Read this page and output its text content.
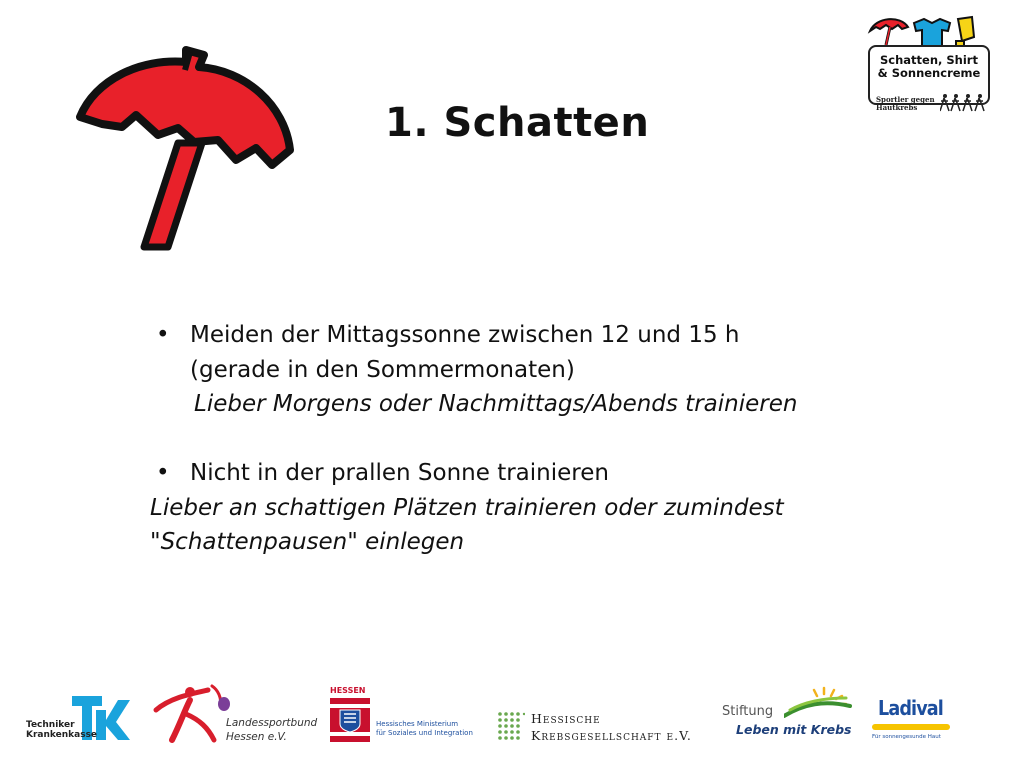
1. Schatten
Schatten, Shirt
& Sonnencreme
Sportler gegen
Hautkrebs
• Meiden der Mittagssonne zwischen 12 und 15 h
(gerade in den Sommermonaten)
Lieber Morgens oder Nachmittags/Abends trainieren
• Nicht in der prallen Sonne trainieren
Lieber an schattigen Plätzen trainieren oder zumindest
"Schattenpausen" einlegen
Techniker
Krankenkasse
Landessportbund
Hessen e.V.
HESSEN
Hessisches Ministerium
für Soziales und Integration
Hessische
Krebsgesellschaft e.V.
Stiftung
Leben mit Krebs
Ladival
Für sonnengesunde Haut
